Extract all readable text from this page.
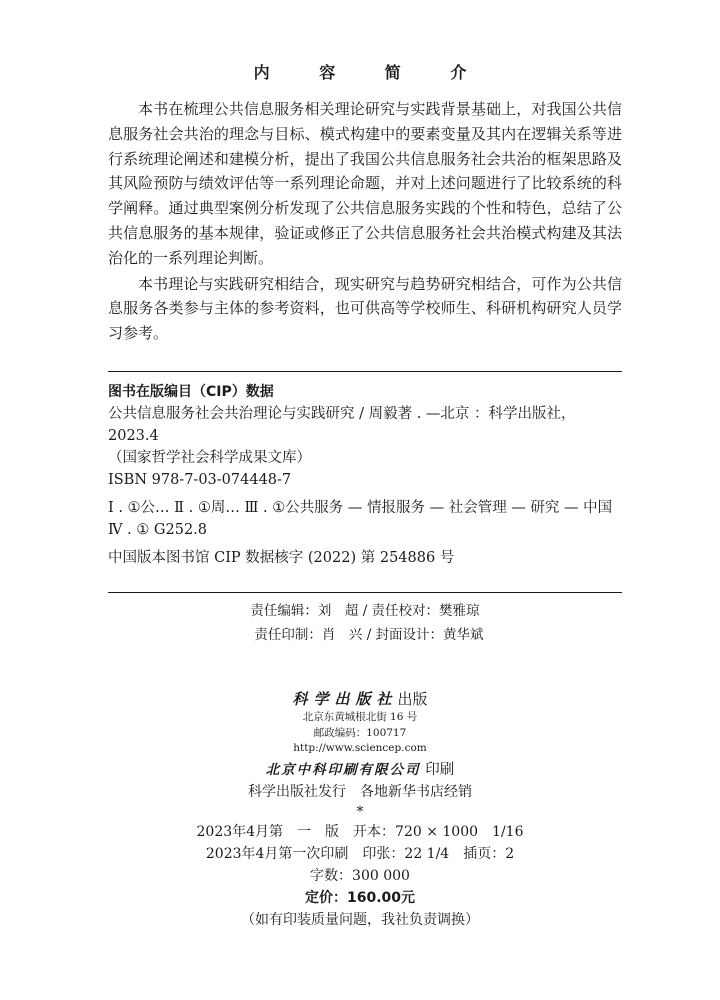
内 容 简 介

本书在梳理公共信息服务相关理论研究与实践背景基础上，对我国公共信息服务社会共治的理念与目标、模式构建中的要素变量及其内在逻辑关系等进行系统理论阐述和建模分析，提出了我国公共信息服务社会共治的框架思路及其风险预防与绩效评估等一系列理论命题，并对上述问题进行了比较系统的科学阐释。通过典型案例分析发现了公共信息服务实践的个性和特色，总结了公共信息服务的基本规律，验证或修正了公共信息服务社会共治模式构建及其法治化的一系列理论判断。

本书理论与实践研究相结合，现实研究与趋势研究相结合，可作为公共信息服务各类参与主体的参考资料，也可供高等学校师生、科研机构研究人员学习参考。

图书在版编目（CIP）数据
公共信息服务社会共治理论与实践研究 / 周毅著 . —北京 ：科学出版社，2023.4
（国家哲学社会科学成果文库）
ISBN 978-7-03-074448-7
Ⅰ . ①公… Ⅱ . ①周… Ⅲ . ①公共服务 — 情报服务 — 社会管理 — 研究 — 中国 Ⅳ . ① G252.8
中国版本图书馆 CIP 数据核字 (2022) 第 254886 号
责任编辑：刘　超 / 责任校对：樊雅琼
责任印制：肖　兴 / 封面设计：黄华斌
科学出版社出版
北京东黄城根北街 16 号
邮政编码：100717
http://www.sciencep.com
北京中科印刷有限公司 印刷
科学出版社发行　各地新华书店经销
*
2023年4月第　一　版　开本：720 × 1000　1/16
2023年4月第一次印刷　印张：22 1/4　插页：2
字数：300 000
定价：160.00元
（如有印装质量问题，我社负责调换）
